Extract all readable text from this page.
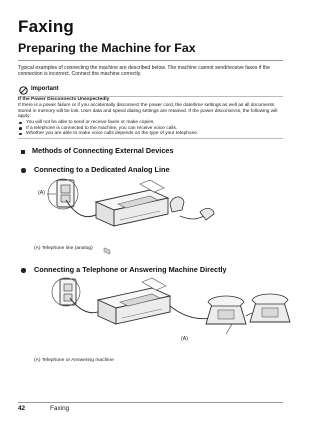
Faxing
Preparing the Machine for Fax
Typical examples of connecting the machine are described below. The machine cannot send/receive faxes if the connection is incorrect. Connect the machine correctly.
Important
If the Power Disconnects Unexpectedly
If there is a power failure or if you accidentally disconnect the power cord, the date/time settings as well as all documents stored in memory will be lost. User data and speed dialing settings are retained. If the power disconnects, the following will apply:
You will not be able to send or receive faxes or make copies.
If a telephone is connected to the machine, you can receive voice calls.
Whether you are able to make voice calls depends on the type of your telephone.
Methods of Connecting External Devices
Connecting to a Dedicated Analog Line
(A)
(A) Telephone line (analog)
Connecting a Telephone or Answering Machine Directly
(A)
(A) Telephone or Answering machine
42	Faxing
